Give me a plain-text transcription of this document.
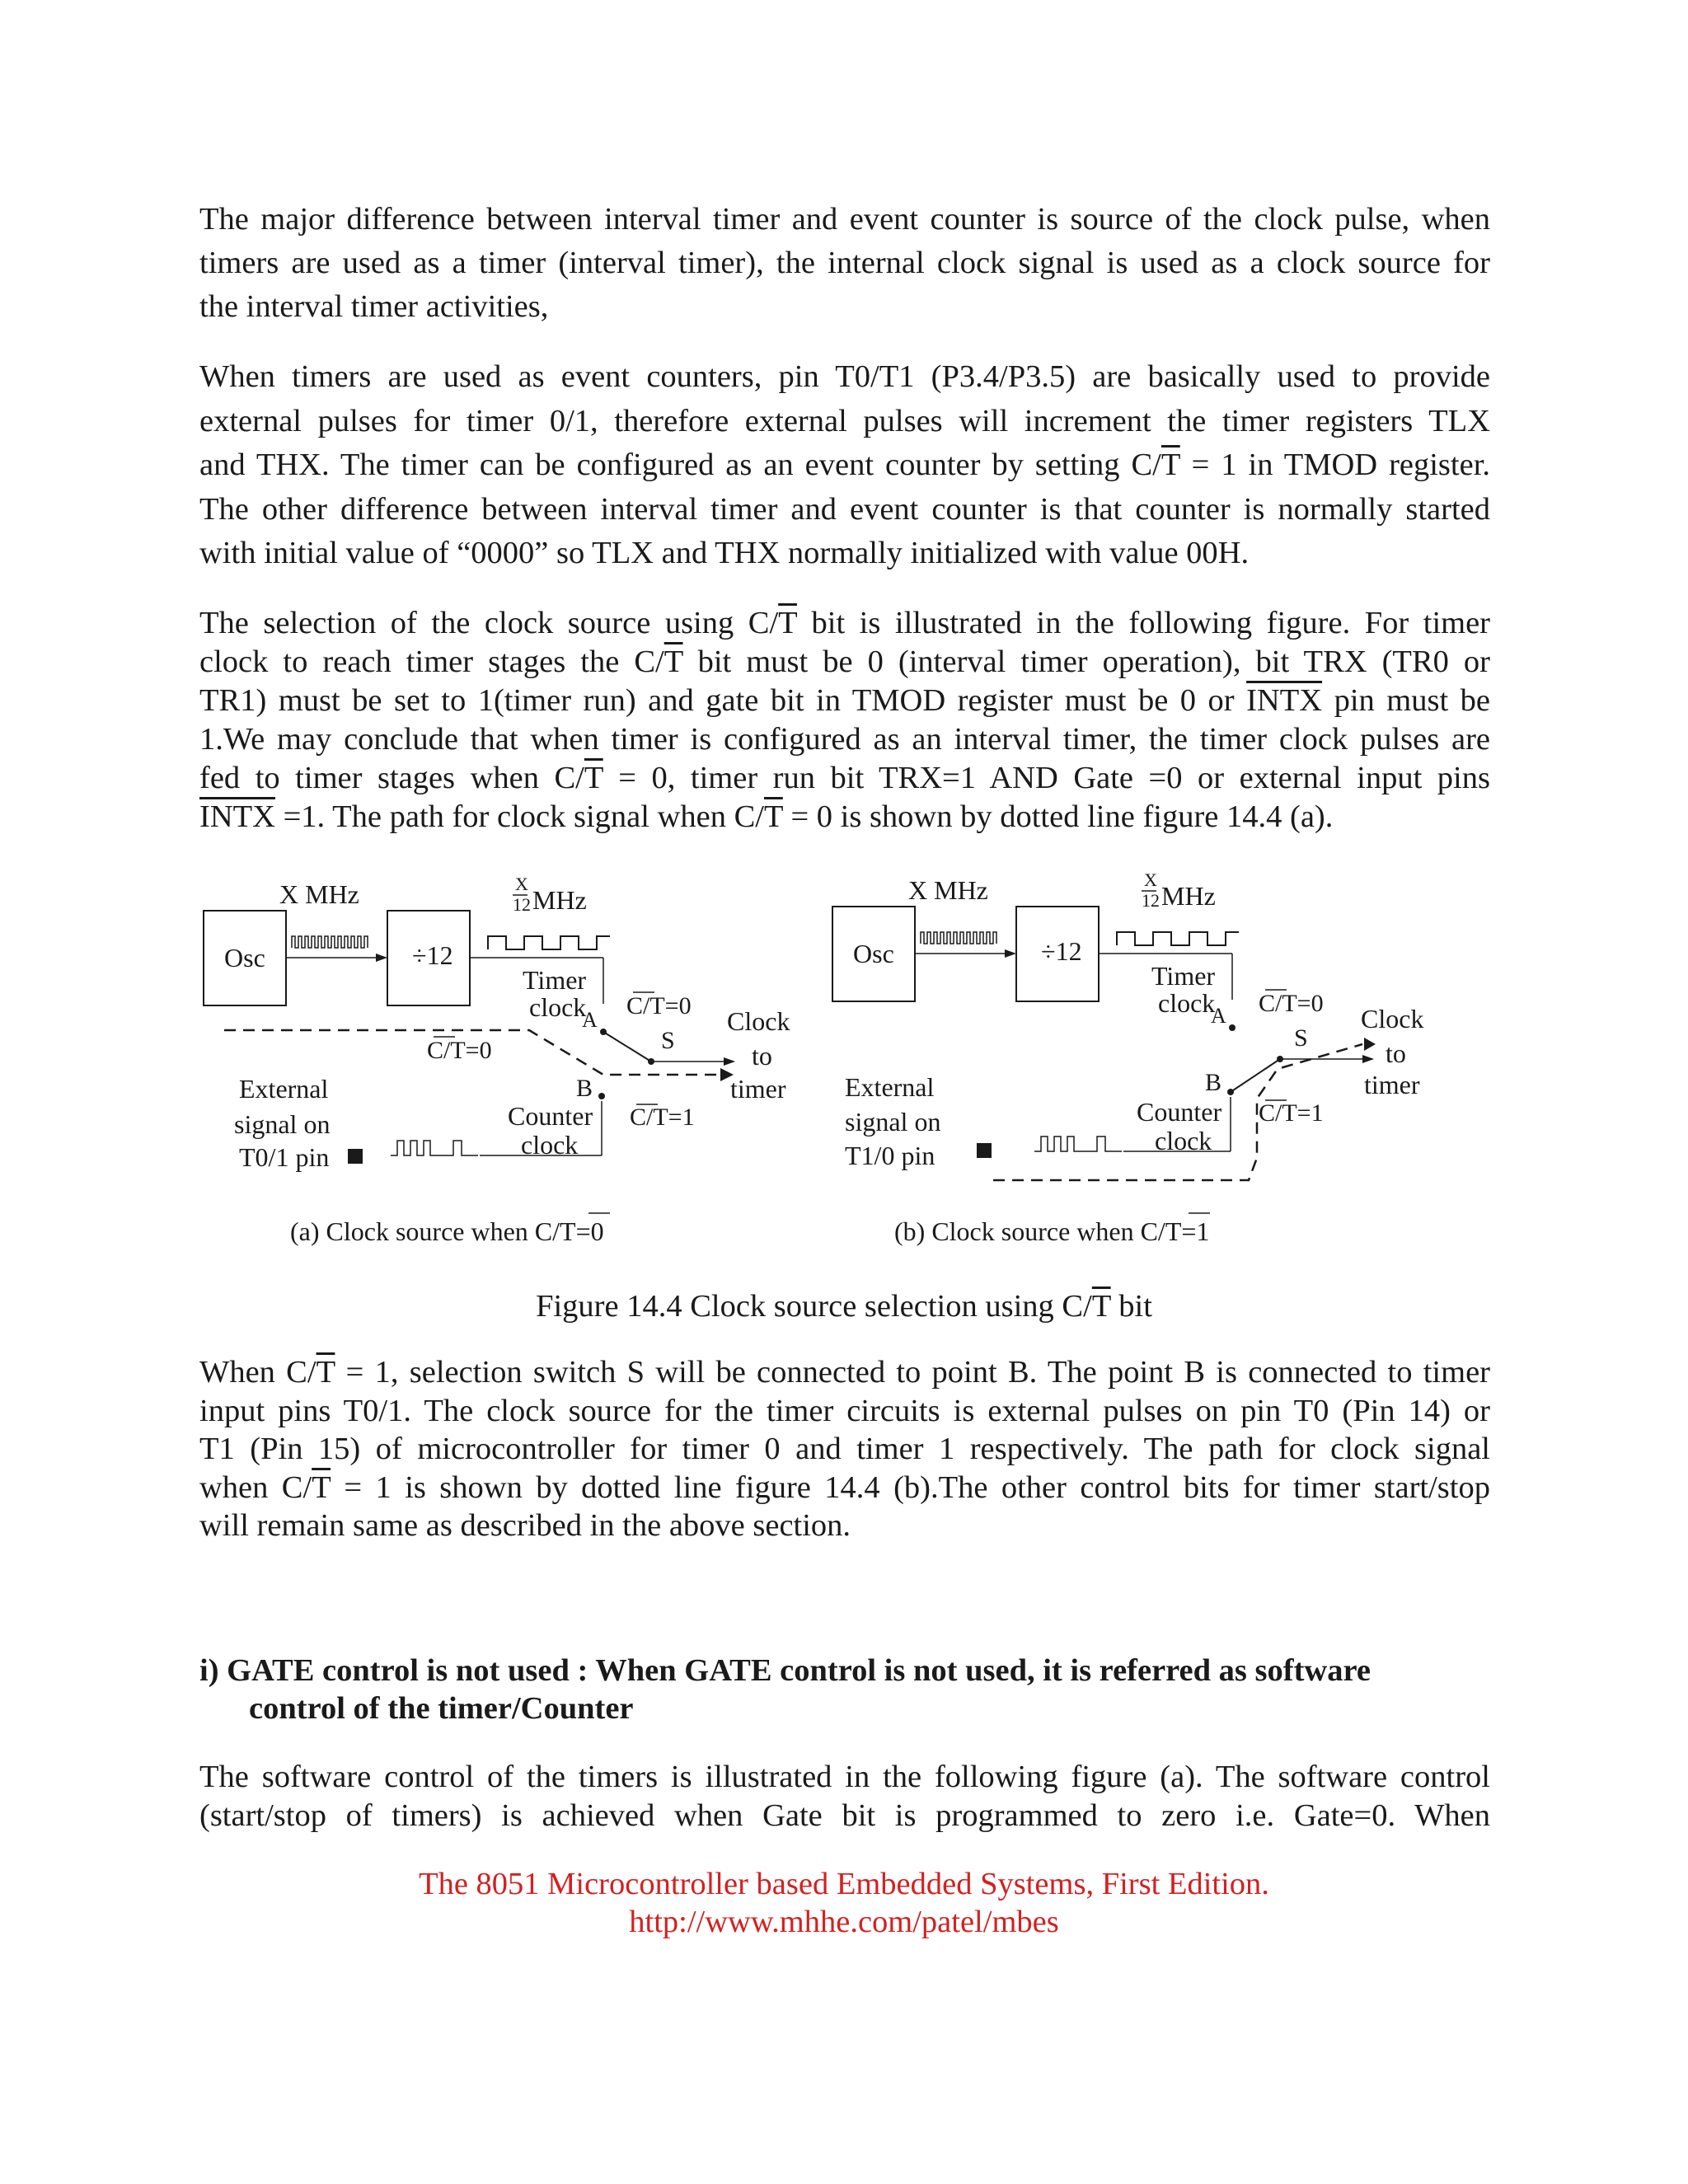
The major difference between interval timer and event counter is source of the clock pulse, when
timers are used as a timer (interval timer), the internal clock signal is used as a clock source for
the interval timer activities,
When timers are used as event counters, pin T0/T1 (P3.4/P3.5) are basically used to provide
external pulses for timer 0/1, therefore external pulses will increment the timer registers TLX
and THX. The timer can be configured as an event counter by setting $C/\overline{T} = 1$ in TMOD register.
The other difference between interval timer and event counter is that counter is normally started
with initial value of “0000” so TLX and THX normally initialized with value 00H.
The selection of the clock source using $C/\overline{T}$ bit is illustrated in the following figure. For timer
clock to reach timer stages the $C/\overline{T}$ bit must be 0 (interval timer operation), bit TRX (TR0 or
TR1) must be set to 1(timer run) and gate bit in TMOD register must be 0 or INTX pin must be
1.We may conclude that when timer is configured as an interval timer, the timer clock pulses are
fed to timer stages when $C/\overline{T} = 0$, timer run bit TRX=1 AND Gate =0 or external input pins
INTX =1. The path for clock signal when $C/\overline{T} = 0$ is shown by dotted line figure 14.4 (a).
X MHz	X
12 MHz
Osc	÷12
Timer
clock
A
C/T=0
S
Clock
to
timer
C/T=0
External
signal on
T0/1 pin
B
Counter
clock
C/T=1
(a) Clock source when C/T=0
X MHz	X
12 MHz
Osc	÷12
Timer
clock
A C/T=0
S
Clock
to
timer
External
signal on
T1/0 pin
B
Counter
clock
C/T=1
(b) Clock source when C/T=1
Figure 14.4 Clock source selection using $C/\overline{T}$ bit
When $C/\overline{T} = 1$, selection switch S will be connected to point B. The point B is connected to timer
input pins T0/1. The clock source for the timer circuits is external pulses on pin T0 (Pin 14) or
T1 (Pin 15) of microcontroller for timer 0 and timer 1 respectively. The path for clock signal
when $C/\overline{T} = 1$ is shown by dotted line figure 14.4 (b).The other control bits for timer start/stop
will remain same as described in the above section.
i) GATE control is not used : When GATE control is not used, it is referred as software
control of the timer/Counter
The software control of the timers is illustrated in the following figure (a). The software control
(start/stop of timers) is achieved when Gate bit is programmed to zero i.e. Gate=0. When
The 8051 Microcontroller based Embedded Systems, First Edition.
http://www.mhhe.com/patel/mbes
